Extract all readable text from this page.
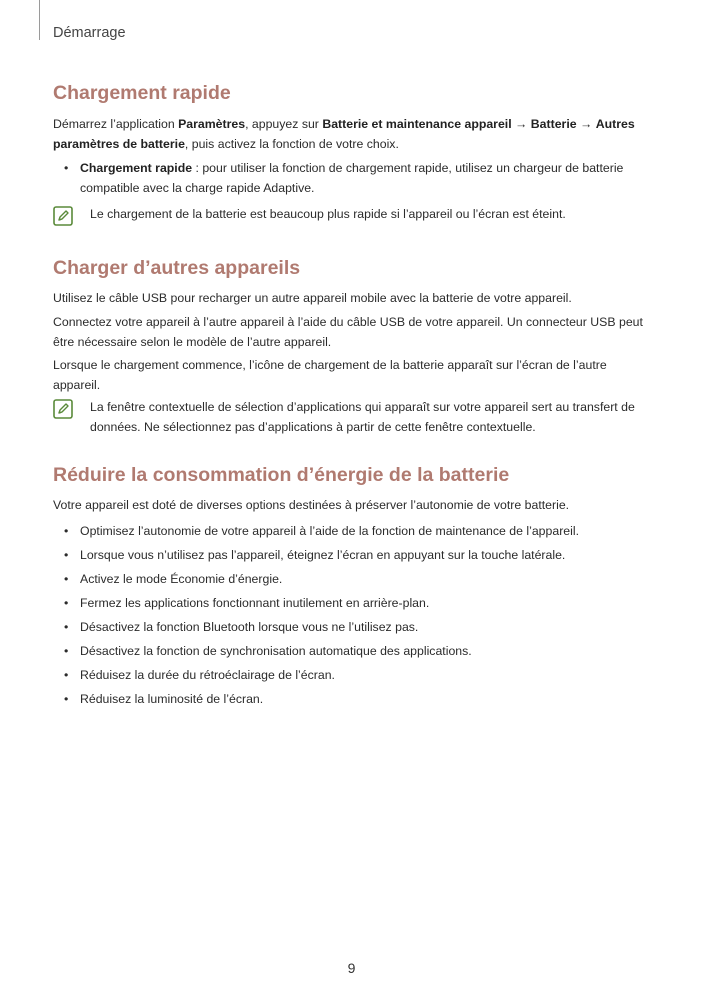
Démarrage
Chargement rapide

Démarrez l’application Paramètres, appuyez sur Batterie et maintenance appareil → Batterie → Autres paramètres de batterie, puis activez la fonction de votre choix.

• Chargement rapide : pour utiliser la fonction de chargement rapide, utilisez un chargeur de batterie compatible avec la charge rapide Adaptive.
Le chargement de la batterie est beaucoup plus rapide si l’appareil ou l’écran est éteint.
Charger d’autres appareils

Utilisez le câble USB pour recharger un autre appareil mobile avec la batterie de votre appareil.

Connectez votre appareil à l’autre appareil à l’aide du câble USB de votre appareil. Un connecteur USB peut être nécessaire selon le modèle de l’autre appareil.

Lorsque le chargement commence, l’icône de chargement de la batterie apparaît sur l’écran de l’autre appareil.

La fenêtre contextuelle de sélection d’applications qui apparaît sur votre appareil sert au transfert de données. Ne sélectionnez pas d’applications à partir de cette fenêtre contextuelle.
Réduire la consommation d’énergie de la batterie

Votre appareil est doté de diverses options destinées à préserver l’autonomie de votre batterie.

• Optimisez l’autonomie de votre appareil à l’aide de la fonction de maintenance de l’appareil.
• Lorsque vous n’utilisez pas l’appareil, éteignez l’écran en appuyant sur la touche latérale.
• Activez le mode Économie d’énergie.
• Fermez les applications fonctionnant inutilement en arrière-plan.
• Désactivez la fonction Bluetooth lorsque vous ne l’utilisez pas.
• Désactivez la fonction de synchronisation automatique des applications.
• Réduisez la durée du rétroéclairage de l’écran.
• Réduisez la luminosité de l’écran.
9
